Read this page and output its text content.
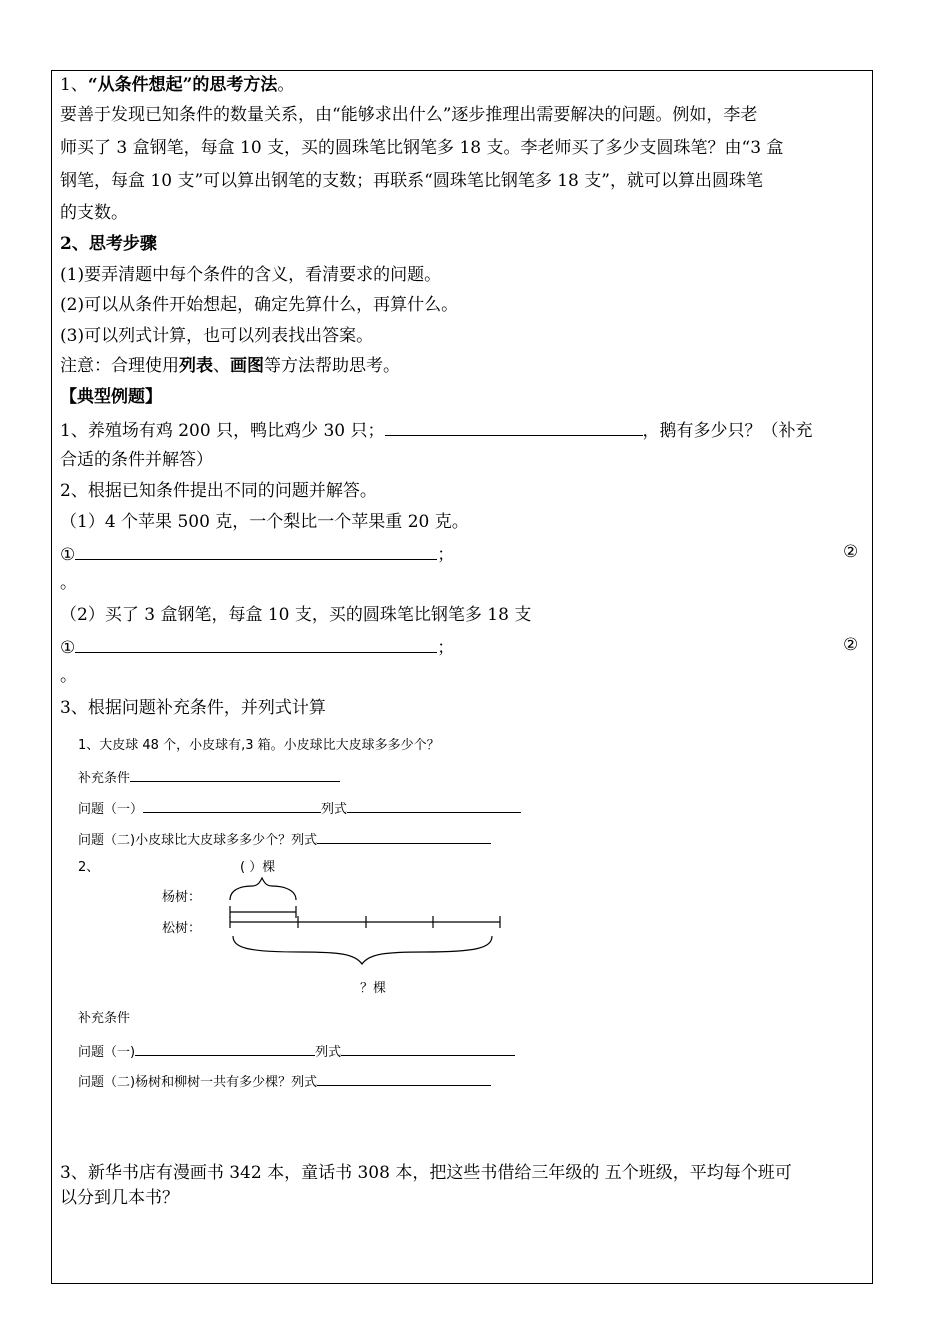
1、“从条件想起”的思考方法。
要善于发现已知条件的数量关系，由“能够求出什么”逐步推理出需要解决的问题。例如，李老
师买了 3 盒钢笔，每盒 10 支，买的圆珠笔比钢笔多 18 支。李老师买了多少支圆珠笔？由“3 盒
钢笔，每盒 10 支”可以算出钢笔的支数；再联系“圆珠笔比钢笔多 18 支”，就可以算出圆珠笔
的支数。
2、思考步骤
(1)要弄清题中每个条件的含义，看清要求的问题。
(2)可以从条件开始想起，确定先算什么，再算什么。
(3)可以列式计算，也可以列表找出答案。
注意：合理使用列表、画图等方法帮助思考。
【典型例题】
1、养殖场有鸡 200 只，鸭比鸡少 30 只；	，鹅有多少只？（补充
合适的条件并解答）
2、根据已知条件提出不同的问题并解答。
（1）4 个苹果 500 克，一个梨比一个苹果重 20 克。
①	；	②
。
（2）买了 3 盒钢笔，每盒 10 支，买的圆珠笔比钢笔多 18 支
①	；	②
。
3、根据问题补充条件，并列式计算
1、大皮球 48 个，小皮球有,3 箱。小皮球比大皮球多多少个？
补充条件
问题（一）	列式
问题（二)小皮球比大皮球多多少个？列式
2、	( ）棵
杨树：
松树：
？棵
补充条件
问题（一)	列式
问题（二)杨树和柳树一共有多少棵？列式
3、新华书店有漫画书 342 本，童话书 308 本，把这些书借给三年级的 五个班级，平均每个班可
以分到几本书？
